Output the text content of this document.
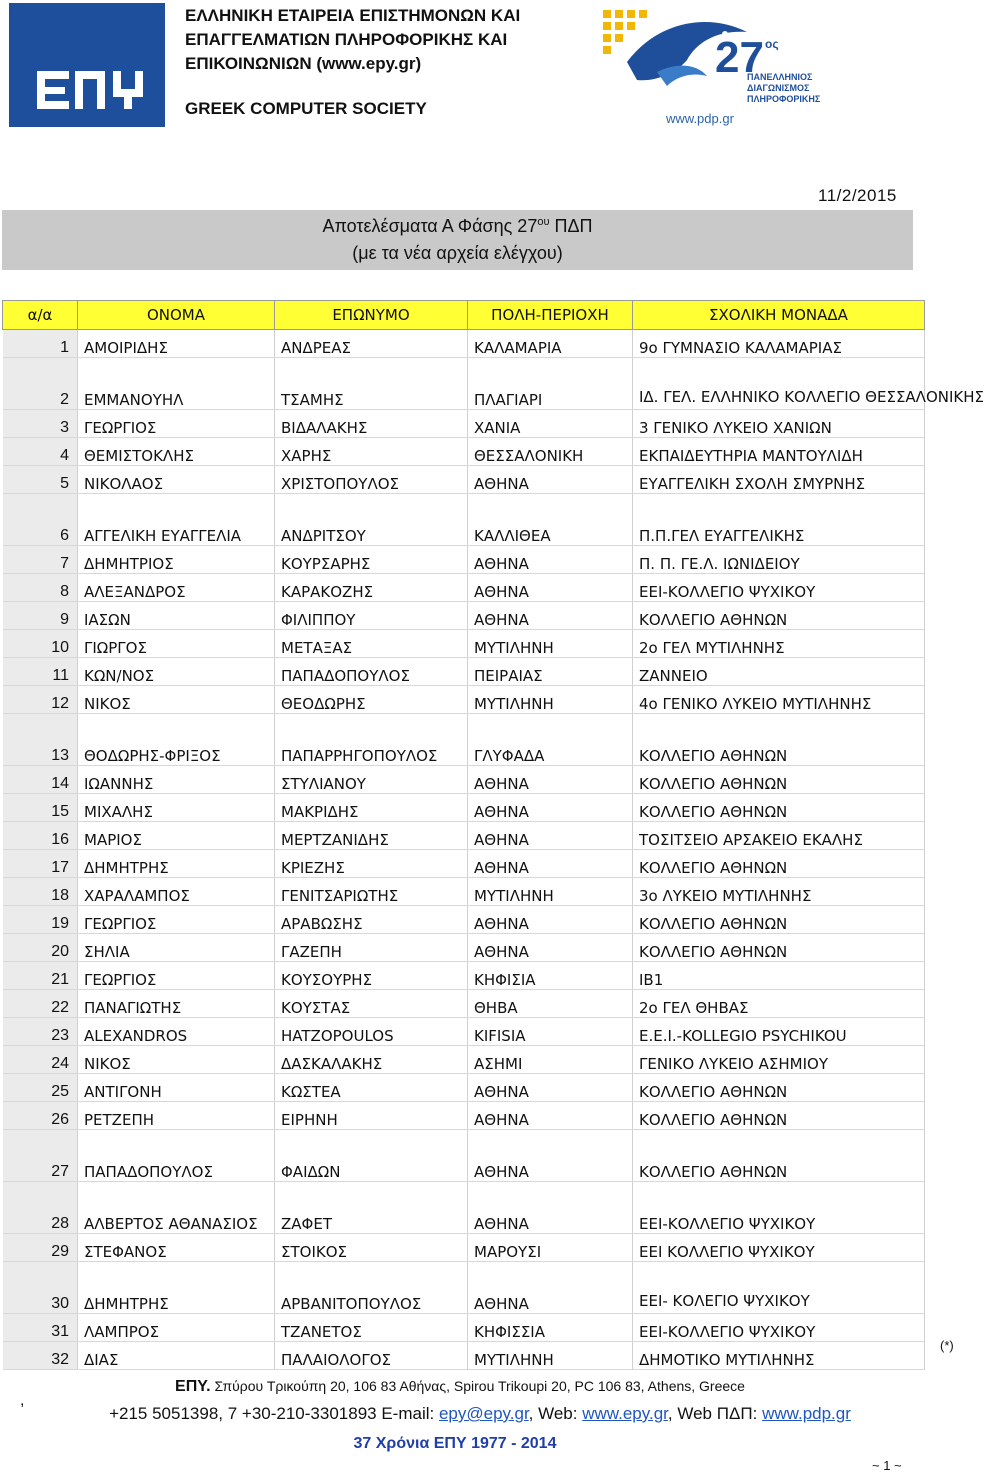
ΕΛΛΗΝΙΚΗ ΕΤΑΙΡΕΙΑ ΕΠΙΣΤΗΜΟΝΩΝ ΚΑΙ
ΕΠΑΓΓΕΛΜΑΤΙΩΝ ΠΛΗΡΟΦΟΡΙΚΗΣ ΚΑΙ
ΕΠΙΚΟΙΝΩΝΙΩΝ (www.epy.gr)
GREEK COMPUTER SOCIETY
27 ος
ΠΑΝΕΛΛΗΝΙΟΣ
ΔΙΑΓΩΝΙΣΜΟΣ
ΠΛΗΡΟΦΟΡΙΚΗΣ
www.pdp.gr
11/2/2015
Αποτελέσματα Α Φάσης $27^{o\upsilon}$ ΠΔΠ
(με τα νέα αρχεία ελέγχου)
α/α	ΟΝΟΜΑ	ΕΠΩΝΥΜΟ	ΠΟΛΗ-ΠΕΡΙΟΧΗ	ΣΧΟΛΙΚΗ ΜΟΝΑΔΑ
1	ΑΜΟΙΡΙΔΗΣ	ΑΝΔΡΕΑΣ	ΚΑΛΑΜΑΡΙΑ	9ο ΓΥΜΝΑΣΙΟ ΚΑΛΑΜΑΡΙΑΣ
2	ΕΜΜΑΝΟΥΗΛ	ΤΣΑΜΗΣ	ΠΛΑΓΙΑΡΙ	ΙΔ. ΓΕΛ. ΕΛΛΗΝΙΚΟ ΚΟΛΛΕΓΙΟ ΘΕΣΣΑΛΟΝΙΚΗΣ
3	ΓΕΩΡΓΙΟΣ	ΒΙΔΑΛΑΚΗΣ	ΧΑΝΙΑ	3 ΓΕΝΙΚΟ ΛΥΚΕΙΟ ΧΑΝΙΩΝ
4	ΘΕΜΙΣΤΟΚΛΗΣ	ΧΑΡΗΣ	ΘΕΣΣΑΛΟΝΙΚΗ	ΕΚΠΑΙΔΕΥΤΗΡΙΑ ΜΑΝΤΟΥΛΙΔΗ
5	ΝΙΚΟΛΑΟΣ	ΧΡΙΣΤΟΠΟΥΛΟΣ	ΑΘΗΝΑ	ΕΥΑΓΓΕΛΙΚΗ ΣΧΟΛΗ ΣΜΥΡΝΗΣ
6	ΑΓΓΕΛΙΚΗ ΕΥΑΓΓΕΛΙΑ	ΑΝΔΡΙΤΣΟΥ	ΚΑΛΛΙΘΕΑ	Π.Π.ΓΕΛ ΕΥΑΓΓΕΛΙΚΗΣ
7	ΔΗΜΗΤΡΙΟΣ	ΚΟΥΡΣΑΡΗΣ	ΑΘΗΝΑ	Π. Π. ΓΕ.Λ. ΙΩΝΙΔΕΙΟΥ
8	ΑΛΕΞΑΝΔΡΟΣ	ΚΑΡΑΚΟΖΗΣ	ΑΘΗΝΑ	ΕΕΙ-ΚΟΛΛΕΓΙΟ ΨΥΧΙΚΟΥ
9	ΙΑΣΩΝ	ΦΙΛΙΠΠΟΥ	ΑΘΗΝΑ	ΚΟΛΛΕΓΙΟ ΑΘΗΝΩΝ
10	ΓΙΩΡΓΟΣ	ΜΕΤΑΞΑΣ	ΜΥΤΙΛΗΝΗ	2ο ΓΕΛ ΜΥΤΙΛΗΝΗΣ
11	ΚΩΝ/ΝΟΣ	ΠΑΠΑΔΟΠΟΥΛΟΣ	ΠΕΙΡΑΙΑΣ	ΖΑΝΝΕΙΟ
12	ΝΙΚΟΣ	ΘΕΟΔΩΡΗΣ	ΜΥΤΙΛΗΝΗ	4ο ΓΕΝΙΚΟ ΛΥΚΕΙΟ ΜΥΤΙΛΗΝΗΣ
13	ΘΟΔΩΡΗΣ-ΦΡΙΞΟΣ	ΠΑΠΑΡΡΗΓΟΠΟΥΛΟΣ	ΓΛΥΦΑΔΑ	ΚΟΛΛΕΓΙΟ ΑΘΗΝΩΝ
14	ΙΩΑΝΝΗΣ	ΣΤΥΛΙΑΝΟΥ	ΑΘΗΝΑ	ΚΟΛΛΕΓΙΟ ΑΘΗΝΩΝ
15	ΜΙΧΑΛΗΣ	ΜΑΚΡΙΔΗΣ	ΑΘΗΝΑ	ΚΟΛΛΕΓΙΟ ΑΘΗΝΩΝ
16	ΜΑΡΙΟΣ	ΜΕΡΤΖΑΝΙΔΗΣ	ΑΘΗΝΑ	ΤΟΣΙΤΣΕΙΟ ΑΡΣΑΚΕΙΟ ΕΚΑΛΗΣ
17	ΔΗΜΗΤΡΗΣ	ΚΡΙΕΖΗΣ	ΑΘΗΝΑ	ΚΟΛΛΕΓΙΟ ΑΘΗΝΩΝ
18	ΧΑΡΑΛΑΜΠΟΣ	ΓΕΝΙΤΣΑΡΙΩΤΗΣ	ΜΥΤΙΛΗΝΗ	3ο ΛΥΚΕΙΟ ΜΥΤΙΛΗΝΗΣ
19	ΓΕΩΡΓΙΟΣ	ΑΡΑΒΩΣΗΣ	ΑΘΗΝΑ	ΚΟΛΛΕΓΙΟ ΑΘΗΝΩΝ
20	ΣΗΛΙΑ	ΓΑΖΕΠΗ	ΑΘΗΝΑ	ΚΟΛΛΕΓΙΟ ΑΘΗΝΩΝ
21	ΓΕΩΡΓΙΟΣ	ΚΟΥΣΟΥΡΗΣ	ΚΗΦΙΣΙΑ	ΙΒ1
22	ΠΑΝΑΓΙΩΤΗΣ	ΚΟΥΣΤΑΣ	ΘΗΒΑ	2ο ΓΕΛ ΘΗΒΑΣ
23	ALEXANDROS	HATZOPOULOS	KIFISIA	E.E.I.-KOLLEGIO PSYCHIKOU
24	ΝΙΚΟΣ	ΔΑΣΚΑΛΑΚΗΣ	ΑΣΗΜΙ	ΓΕΝΙΚΟ ΛΥΚΕΙΟ ΑΣΗΜΙΟΥ
25	ΑΝΤΙΓΟΝΗ	ΚΩΣΤΕΑ	ΑΘΗΝΑ	ΚΟΛΛΕΓΙΟ ΑΘΗΝΩΝ
26	ΡΕΤΖΕΠΗ	ΕΙΡΗΝΗ	ΑΘΗΝΑ	ΚΟΛΛΕΓΙΟ ΑΘΗΝΩΝ
27	ΠΑΠΑΔΟΠΟΥΛΟΣ	ΦΑΙΔΩΝ	ΑΘΗΝΑ	ΚΟΛΛΕΓΙΟ ΑΘΗΝΩΝ
28	ΑΛΒΕΡΤΟΣ ΑΘΑΝΑΣΙΟΣ	ΖΑΦΕΤ	ΑΘΗΝΑ	ΕΕΙ-ΚΟΛΛΕΓΙΟ ΨΥΧΙΚΟΥ
29	ΣΤΕΦΑΝΟΣ	ΣΤΟΙΚΟΣ	ΜΑΡΟΥΣΙ	ΕΕΙ ΚΟΛΛΕΓΙΟ ΨΥΧΙΚΟΥ
30	ΔΗΜΗΤΡΗΣ	ΑΡΒΑΝΙΤΟΠΟΥΛΟΣ	ΑΘΗΝΑ	ΕΕΙ- ΚΟΛΕΓΙΟ ΨΥΧΙΚΟΥ
31	ΛΑΜΠΡΟΣ	ΤΖΑΝΕΤΟΣ	ΚΗΦΙΣΣΙΑ	ΕΕΙ-ΚΟΛΛΕΓΙΟ ΨΥΧΙΚΟΥ
32	ΔΙΑΣ	ΠΑΛΑΙΟΛΟΓΟΣ	ΜΥΤΙΛΗΝΗ	ΔΗΜΟΤΙΚΟ ΜΥΤΙΛΗΝΗΣ
(*)
,
ΕΠΥ. Σπύρου Τρικούπη 20, 106 83 Αθήνας, Spirou Trikoupi 20, PC 106 83, Athens, Greece
+215 5051398, 7 +30-210-3301893 E-mail: epy@epy.gr, Web: www.epy.gr, Web ΠΔΠ: www.pdp.gr
37 Χρόνια ΕΠΥ 1977 - 2014
~ 1 ~
